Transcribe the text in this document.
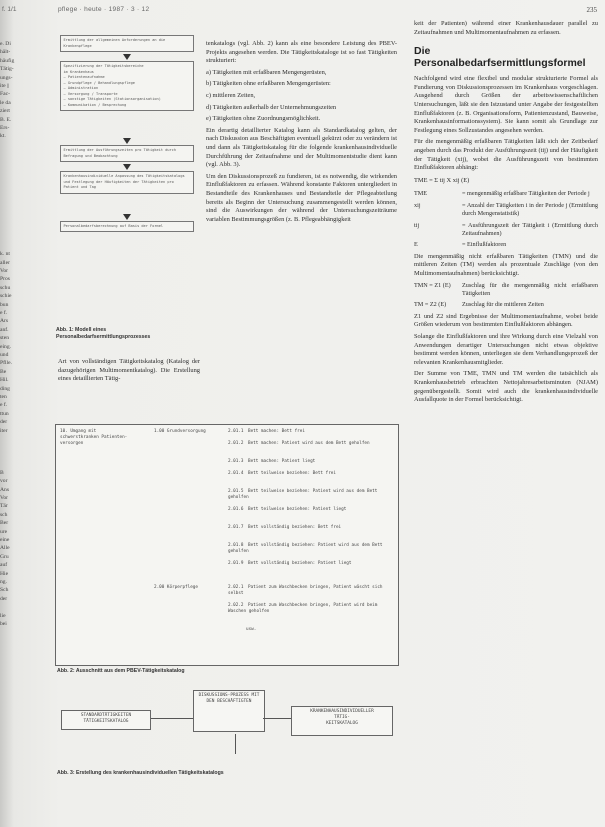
f. 1/1	pflege · heute · 1987 · 3 · 12	235
e. Di
hält-
häufig
Tätig-
ungs-
ite ||
Fac-
le da
ziert
B. E.
Ers-
kt.

k. nt
aller
Vor
Pros
schu
schie
bun
e f.
Ars
anf.
sten
eing.
und
Pflle.
Be
Hil.
ding
ten
e f.
ttun
der
iter

B
vor
Ans
Vor
Tär
sch
Ber
ure
eine
Alle
Gru
auf
Hie
ng.
Sch
der

lie
bei
Ermittlung der allgemeinen Anforderungen an die Krankenpflege
Spezifizierung der Tätigkeitsbereiche
im Krankenhaus
— Patientenaufnahme
— Grundpflege / Behandlungspflege
— Administration
— Versorgung / Transporte
— sonstige Tätigkeiten (Stationsorganisation)
— Kommunikation / Besprechung
Ermittlung der Ausführungszeiten pro Tätigkeit durch Befragung und Beobachtung
Krankenhausindividuelle Anpassung des Tätigkeitskatalogs und Festlegung der Häufigkeiten der Tätigkeiten pro Patient und Tag
Personalbedarfsberechnung auf Basis der Formel
Abb. 1: Modell eines Personalbedarfsermittlungsprozesses
Art von vollständigen Tätigkeitskatalog (Katalog der dazugehörigen Multimomentkatalog). Die Erstellung eines detaillierten Tätig-

tenkatalogs (vgl. Abb. 2) kann als eine besondere Leistung des PBEV-Projekts angesehen werden. Die Tätigkeitskataloge ist so fast Tätigkeiten strukturiert:

a) Tätigkeiten mit erfaßbaren Mengengerüsten,

b) Tätigkeiten ohne erfaßbaren Mengengerüsten:

c) mittleren Zeiten,

d) Tätigkeiten außerhalb der Unternehmungszeiten

e) Tätigkeiten ohne Zuordnungsmöglichkeit.

Ein derartig detaillierter Katalog kann als Standardkatalog gelten, der nach Diskussion aus Beschäftigten eventuell gekürzt oder zu verändern ist und dann als Tätigkeitskatalog für die folgende krankenhausindividuelle Durchführung der Zeitaufnahme und der Multimomentstudie dient kann (vgl. Abb. 3).

Um den Diskussionsprozeß zu fundieren, ist es notwendig, die wirkenden Einflußfaktoren zu erfassen. Während konstante Faktoren untergliedert in Bestandteile des Krankenhauses und Bestandteile der Pflegeabteilung bereits als Beginn der Untersuchung zusammengestellt werden können, sind die Auswirkungen der während der Untersuchungszeiträume variablen Bestimmungsgrößen (z. B. Pflegeabhängigkeit

keit der Patienten) während einer Krankenhausdauer parallel zu Zeitaufnahmen und Multimomentaufnahmen zu erfassen.

Die Personalbedarfsermittlungsformel

Nachfolgend wird eine flexibel und modular strukturierte Formel als Fundierung von Diskussionsprozessen im Krankenhaus vorgeschlagen. Ausgehend durch Größen der arbeitswissenschaftlichen Untersuchungen, läßt sie den Istzustand unter Angabe der festgestellten Einflußfaktoren (z. B. Organisationsform, Patientenzustand, Bauweise, Krankenhausinformationssystem). Sie kann somit als Grundlage zur Festlegung eines Sollzustandes angesehen werden.

Für die mengenmäßig erfaßbaren Tätigkeiten läßt sich der Zeitbedarf angeben durch das Produkt der Ausführungszeit (tij) und der Häufigkeit der Tätigkeit (xij), wobei die Ausführungszeit von bestimmten Einflußfaktoren abhängt:

TME = Σ tij X xij (E)

TME	= mengenmäßig erfaßbare Tätigkeiten der Periode j
xij	= Anzahl der Tätigkeiten i in der Periode j (Ermittlung durch Mengenstatistik)
tij	= Ausführungszeit der Tätigkeit i (Ermittlung durch Zeitaufnahmen)
E	= Einflußfaktoren

Die mengenmäßig nicht erfaßbaren Tätigkeiten (TMN) und die mittleren Zeiten (TM) werden als prozentuale Zuschläge (von den Multimomentaufnahmen) berücksichtigt.

TMN = Z1 (E)	Zuschlag für die mengenmäßig nicht erfaßbaren Tätigkeiten
TM = Z2 (E)	Zuschlag für die mittleren Zeiten

Z1 und Z2 sind Ergebnisse der Multimomentaufnahme, wobei beide Größen wiederum von bestimmten Einflußfaktoren abhängen.

Solange die Einflußfaktoren und ihre Wirkung durch eine Vielzahl von Anwendungen derartiger Untersuchungen nicht etwas objektive bestimmt werden können, unterliegen sie dem Verhandlungsprozeß der relevanten Krankenhausmitglieder.

Der Summe von TME, TMN und TM werden die tatsächlich als Krankenhausbetrieb erbrachten Nettojahresarbeitsminuten (NJAM) gegenübergestellt. Somit wird auch die krankenhausindividuelle Ausfallquote in der Formel berücksichtigt.

10. Umgang mit
schwerstkranken Patienten-
versorgen
1.00 Grundversorgung	2.01.1 Bett machen: Bett frei
2.01.2 Bett machen: Patient wird aus dem Bett geholfen
2.01.3 Bett machen: Patient liegt
2.01.4 Bett teilweise beziehen: Bett frei
2.01.5 Bett teilweise beziehen: Patient wird aus dem Bett geholfen
2.01.6 Bett teilweise beziehen: Patient liegt
2.01.7 Bett vollständig beziehen: Bett frei
2.01.8 Bett vollständig beziehen: Patient wird aus dem Bett geholfen
2.01.9 Bett vollständig beziehen: Patient liegt
2.00 Körperpflege	2.02.1 Patient zum Waschbecken bringen, Patient wäscht sich selbst
2.02.2 Patient zum Waschbecken bringen, Patient wird beim Waschen geholfen
usw.
Abb. 2: Ausschnitt aus dem PBEV-Tätigkeitskatalog
STANDARDTÄTIGKEITEN TÄTIGKEITSKATALOG
DISKUSSIONS-PROZESS MIT DEN BESCHÄFTIGTEN
KRANKENHAUSINDIVIDUELLER
TÄTIG-
KEITSKATALOG
Abb. 3: Erstellung des krankenhausindividuellen Tätigkeitskatalogs
